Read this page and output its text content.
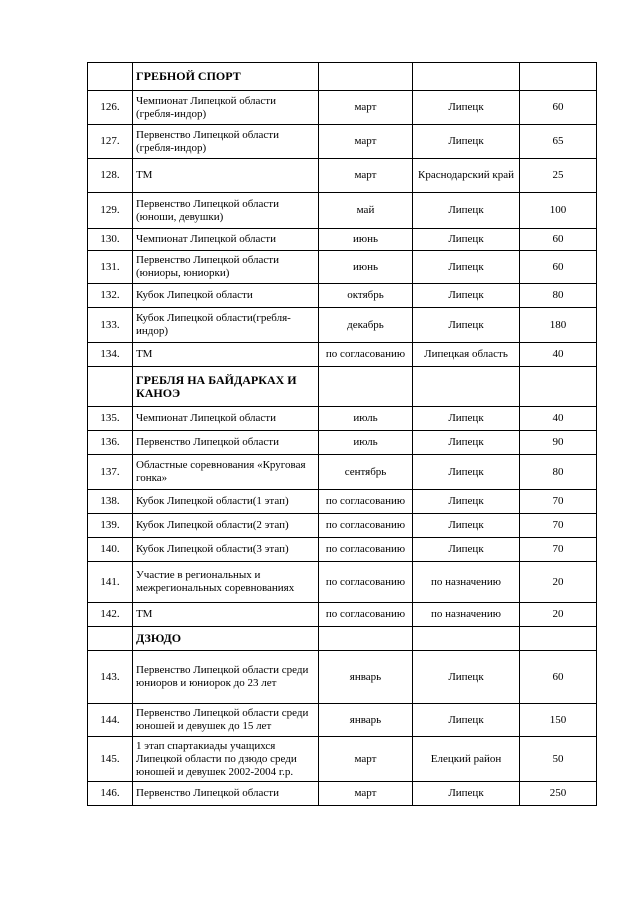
	ГРЕБНОЙ СПОРТ			
126.	Чемпионат Липецкой области (гребля-индор)	март	Липецк	60
127.	Первенство Липецкой области (гребля-индор)	март	Липецк	65
128.	ТМ	март	Краснодарский край	25
129.	Первенство Липецкой области (юноши, девушки)	май	Липецк	100
130.	Чемпионат Липецкой области	июнь	Липецк	60
131.	Первенство Липецкой области (юниоры, юниорки)	июнь	Липецк	60
132.	Кубок Липецкой области	октябрь	Липецк	80
133.	Кубок Липецкой области(гребля-индор)	декабрь	Липецк	180
134.	ТМ	по согласованию	Липецкая область	40
	ГРЕБЛЯ НА БАЙДАРКАХ И КАНОЭ			
135.	Чемпионат Липецкой области	июль	Липецк	40
136.	Первенство Липецкой области	июль	Липецк	90
137.	Областные соревнования «Круговая гонка»	сентябрь	Липецк	80
138.	Кубок Липецкой области(1 этап)	по согласованию	Липецк	70
139.	Кубок Липецкой области(2 этап)	по согласованию	Липецк	70
140.	Кубок Липецкой области(3 этап)	по согласованию	Липецк	70
141.	Участие в региональных и межрегиональных соревнованиях	по согласованию	по назначению	20
142.	ТМ	по согласованию	по назначению	20
	ДЗЮДО			
143.	Первенство Липецкой области среди юниоров и юниорок до 23 лет	январь	Липецк	60
144.	Первенство Липецкой области среди юношей и девушек до 15 лет	январь	Липецк	150
145.	1 этап спартакиады учащихся Липецкой области по дзюдо среди юношей и девушек 2002-2004 г.р.	март	Елецкий район	50
146.	Первенство Липецкой области	март	Липецк	250
